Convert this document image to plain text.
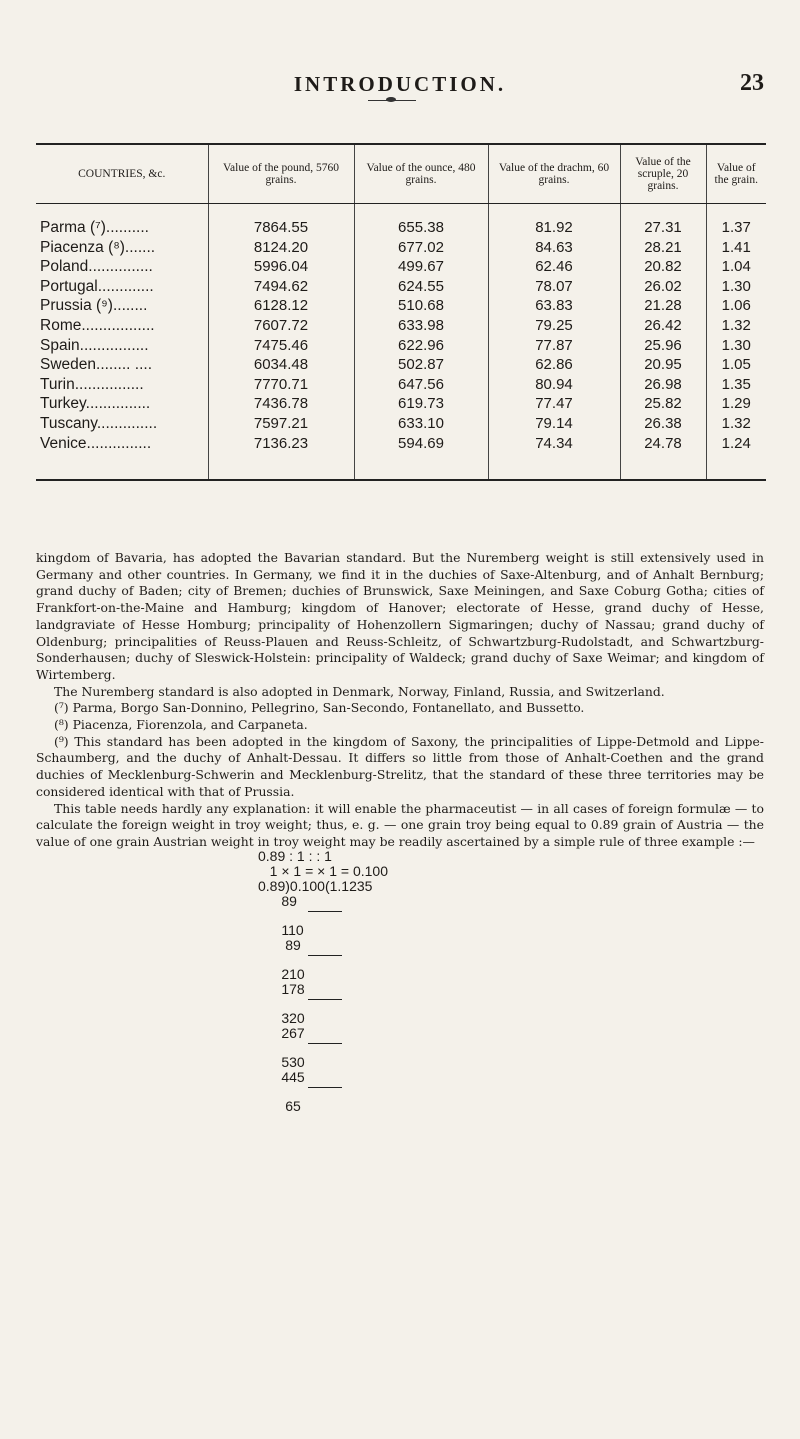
INTRODUCTION.	23
COUNTRIES, &c.	Value of the pound, 5760 grains.	Value of the ounce, 480 grains.	Value of the drachm, 60 grains.	Value of the scruple, 20 grains.	Value of the grain.
Parma (⁷)..........	7864.55	655.38	81.92	27.31	1.37
Piacenza (⁸).......	8124.20	677.02	84.63	28.21	1.41
Poland...............	5996.04	499.67	62.46	20.82	1.04
Portugal.............	7494.62	624.55	78.07	26.02	1.30
Prussia (⁹)........	6128.12	510.68	63.83	21.28	1.06
Rome.................	7607.72	633.98	79.25	26.42	1.32
Spain................	7475.46	622.96	77.87	25.96	1.30
Sweden........ ....	6034.48	502.87	62.86	20.95	1.05
Turin................	7770.71	647.56	80.94	26.98	1.35
Turkey...............	7436.78	619.73	77.47	25.82	1.29
Tuscany..............	7597.21	633.10	79.14	26.38	1.32
Venice...............	7136.23	594.69	74.34	24.78	1.24

kingdom of Bavaria, has adopted the Bavarian standard. But the Nuremberg weight is still extensively used in Germany and other countries. In Germany, we find it in the duchies of Saxe-Altenburg, and of Anhalt Bernburg; grand duchy of Baden; city of Bremen; duchies of Brunswick, Saxe Meiningen, and Saxe Coburg Gotha; cities of Frankfort-on-the-Maine and Hamburg; kingdom of Hanover; electorate of Hesse, grand duchy of Hesse, landgraviate of Hesse Homburg; principality of Hohenzollern Sigmaringen; duchy of Nassau; grand duchy of Oldenburg; principalities of Reuss-Plauen and Reuss-Schleitz, of Schwartzburg-Rudolstadt, and Schwartzburg-Sonderhausen; duchy of Sleswick-Holstein: principality of Waldeck; grand duchy of Saxe Weimar; and kingdom of Wirtemberg.

The Nuremberg standard is also adopted in Denmark, Norway, Finland, Russia, and Switzerland.

(⁷) Parma, Borgo San-Donnino, Pellegrino, San-Secondo, Fontanellato, and Bussetto.

(⁸) Piacenza, Fiorenzola, and Carpaneta.

(⁹) This standard has been adopted in the kingdom of Saxony, the principalities of Lippe-Detmold and Lippe-Schaumberg, and the duchy of Anhalt-Dessau. It differs so little from those of Anhalt-Coethen and the grand duchies of Mecklenburg-Schwerin and Mecklenburg-Strelitz, that the standard of these three territories may be considered identical with that of Prussia.

This table needs hardly any explanation: it will enable the pharmaceutist — in all cases of foreign formulæ — to calculate the foreign weight in troy weight; thus, e. g. — one grain troy being equal to 0.89 grain of Austria — the value of one grain Austrian weight in troy weight may be readily ascertained by a simple rule of three example :—

0.89 : 1 : : 1
1 × 1 = × 1 = 0.100
0.89)0.100(1.1235
89
110
89
210
178
320
267
530
445
65
